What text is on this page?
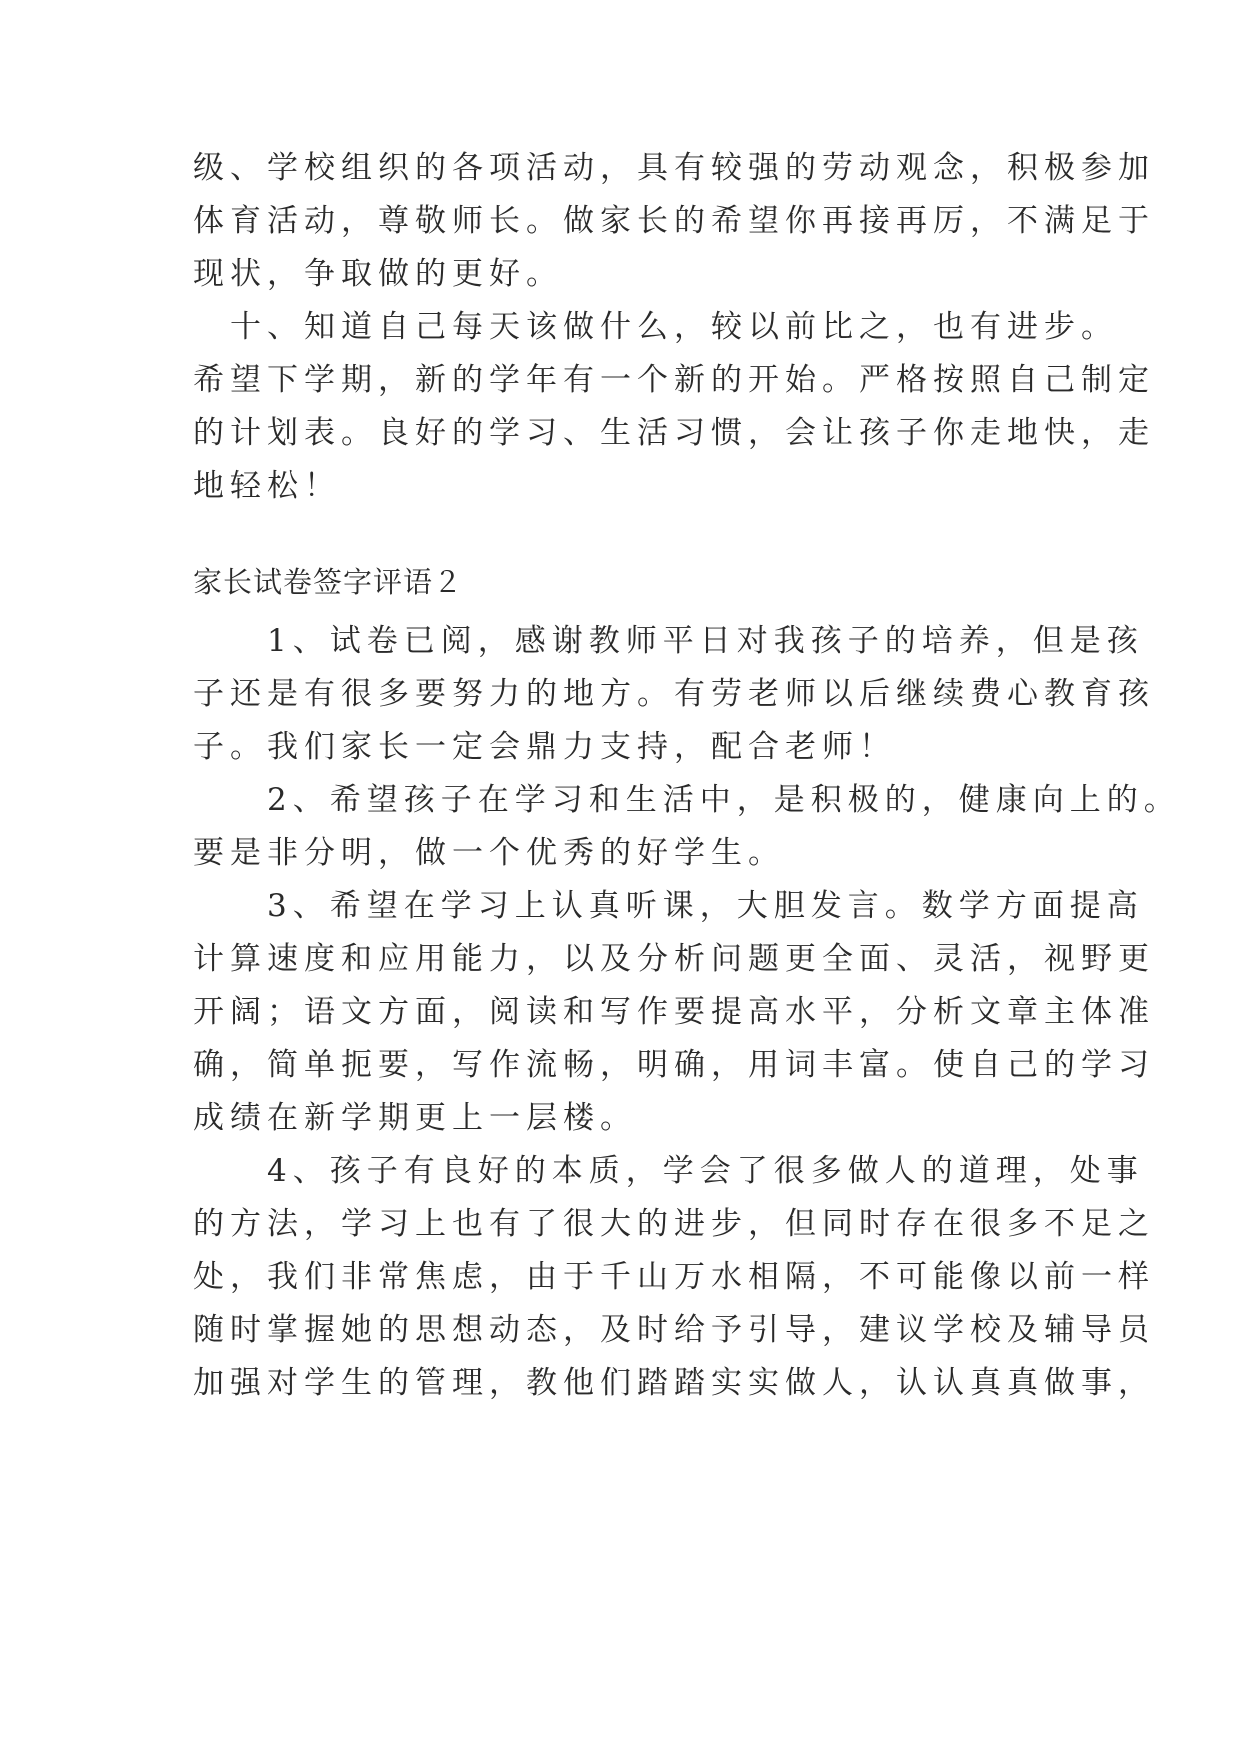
级、学校组织的各项活动，具有较强的劳动观念，积极参加
体育活动，尊敬师长。做家长的希望你再接再厉，不满足于
现状，争取做的更好。
　十、知道自己每天该做什么，较以前比之，也有进步。
希望下学期，新的学年有一个新的开始。严格按照自己制定
的计划表。良好的学习、生活习惯，会让孩子你走地快，走
地轻松！
家长试卷签字评语２
　　1、试卷已阅，感谢教师平日对我孩子的培养，但是孩
子还是有很多要努力的地方。有劳老师以后继续费心教育孩
子。我们家长一定会鼎力支持，配合老师！
　　2、希望孩子在学习和生活中，是积极的，健康向上的。
要是非分明，做一个优秀的好学生。
　　3、希望在学习上认真听课，大胆发言。数学方面提高
计算速度和应用能力，以及分析问题更全面、灵活，视野更
开阔；语文方面，阅读和写作要提高水平，分析文章主体准
确，简单扼要，写作流畅，明确，用词丰富。使自己的学习
成绩在新学期更上一层楼。
　　4、孩子有良好的本质，学会了很多做人的道理，处事
的方法，学习上也有了很大的进步，但同时存在很多不足之
处，我们非常焦虑，由于千山万水相隔，不可能像以前一样
随时掌握她的思想动态，及时给予引导，建议学校及辅导员
加强对学生的管理，教他们踏踏实实做人，认认真真做事，
